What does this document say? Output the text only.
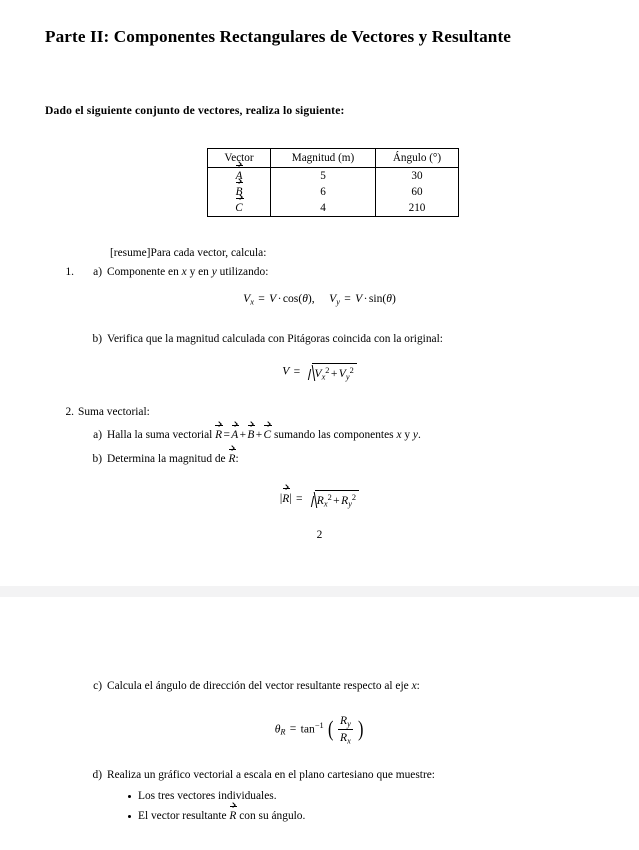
Parte II: Componentes Rectangulares de Vectores y Resultante
Dado el siguiente conjunto de vectores, realiza lo siguiente:
Vector	Magnitud (m)	Ángulo (°)
A	5	30
B	6	60
C	4	210
[resume]Para cada vector, calcula:
1.	a) Componente en x y en y utilizando:
$V_x = V\cdot\cos(\theta)$, $V_y = V\cdot\sin(\theta)$
b) Verifica que la magnitud calculada con Pitágoras coincida con la original:
$V = V_x^2+V_y^2$
2. Suma vectorial:
a) Halla la suma vectorial R=A+B+C sumando las componentes x y y.
b) Determina la magnitud de R:
$|R| = R_x^2+R_y^2$
2
c) Calcula el ángulo de dirección del vector resultante respecto al eje x:
$\theta_R = \tan^{-1}$ ( $\frac{R_y}{R_x}$ )
d) Realiza un gráfico vectorial a escala en el plano cartesiano que muestre:
Los tres vectores individuales.
El vector resultante R con su ángulo.
